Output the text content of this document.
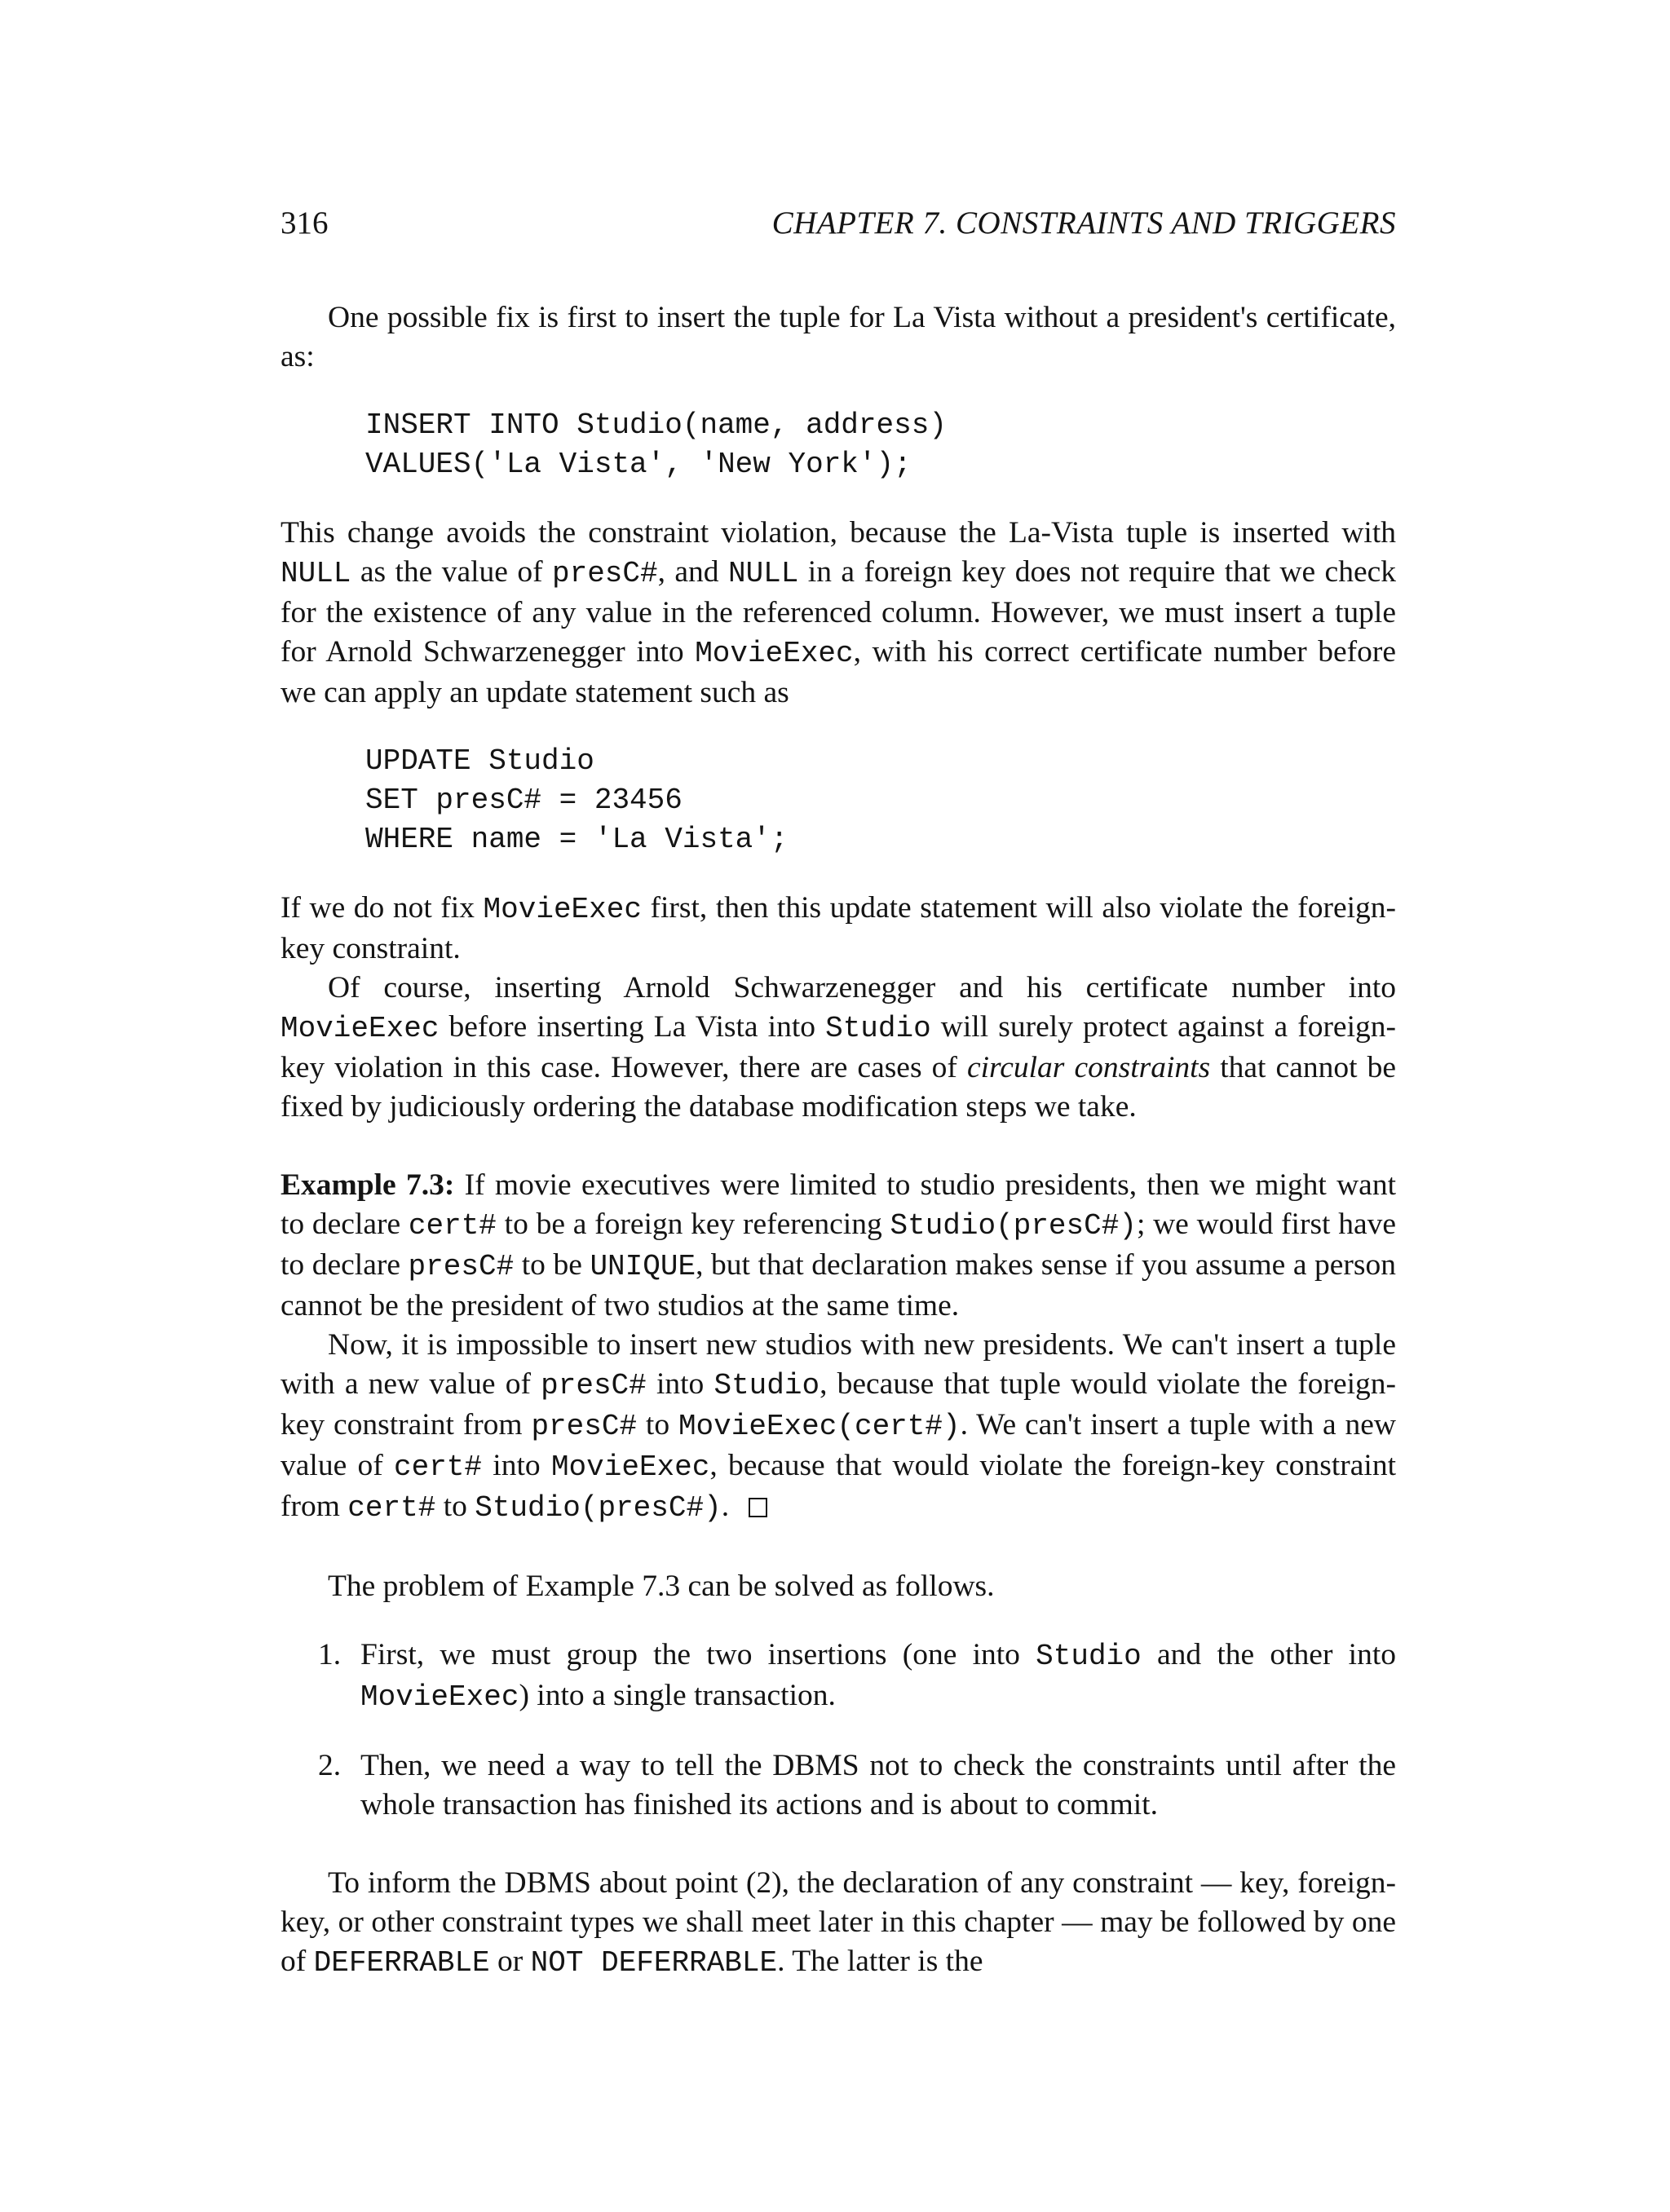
316	CHAPTER 7. CONSTRAINTS AND TRIGGERS

One possible fix is first to insert the tuple for La Vista without a president's certificate, as:

INSERT INTO Studio(name, address)
VALUES('La Vista', 'New York');

This change avoids the constraint violation, because the La-Vista tuple is inserted with NULL as the value of presC#, and NULL in a foreign key does not require that we check for the existence of any value in the referenced column. However, we must insert a tuple for Arnold Schwarzenegger into MovieExec, with his correct certificate number before we can apply an update statement such as

UPDATE Studio
SET presC# = 23456
WHERE name = 'La Vista';

If we do not fix MovieExec first, then this update statement will also violate the foreign-key constraint.

Of course, inserting Arnold Schwarzenegger and his certificate number into MovieExec before inserting La Vista into Studio will surely protect against a foreign-key violation in this case. However, there are cases of circular constraints that cannot be fixed by judiciously ordering the database modification steps we take.

Example 7.3: If movie executives were limited to studio presidents, then we might want to declare cert# to be a foreign key referencing Studio(presC#); we would first have to declare presC# to be UNIQUE, but that declaration makes sense if you assume a person cannot be the president of two studios at the same time.

Now, it is impossible to insert new studios with new presidents. We can't insert a tuple with a new value of presC# into Studio, because that tuple would violate the foreign-key constraint from presC# to MovieExec(cert#). We can't insert a tuple with a new value of cert# into MovieExec, because that would violate the foreign-key constraint from cert# to Studio(presC#).

The problem of Example 7.3 can be solved as follows.

1. First, we must group the two insertions (one into Studio and the other into MovieExec) into a single transaction.
2. Then, we need a way to tell the DBMS not to check the constraints until after the whole transaction has finished its actions and is about to commit.

To inform the DBMS about point (2), the declaration of any constraint — key, foreign-key, or other constraint types we shall meet later in this chapter — may be followed by one of DEFERRABLE or NOT DEFERRABLE. The latter is the
